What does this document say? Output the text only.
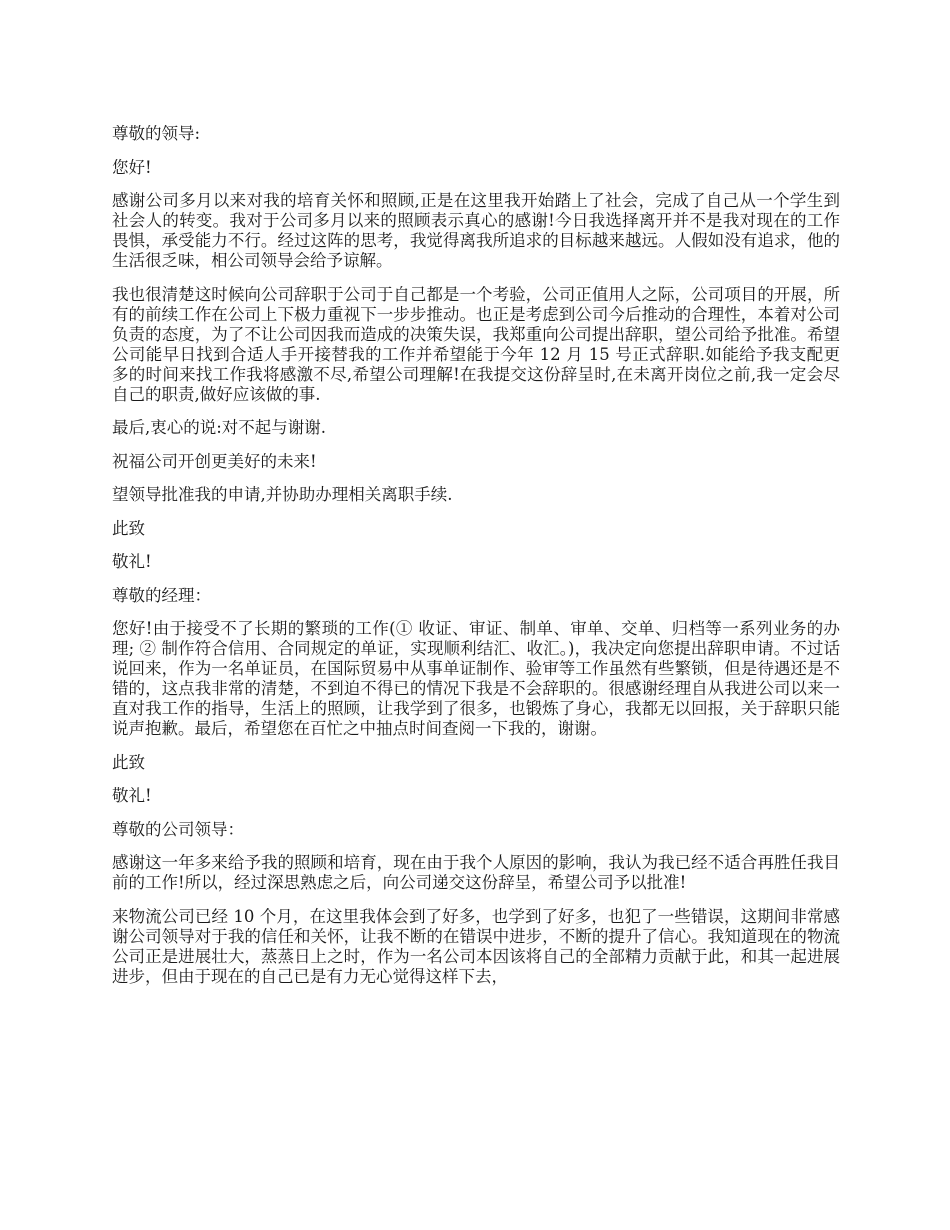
尊敬的领导:

您好!

感谢公司多月以来对我的培育关怀和照顾,正是在这里我开始踏上了社会，完成了自己从一个学生到社会人的转变。我对于公司多月以来的照顾表示真心的感谢!今日我选择离开并不是我对现在的工作畏惧，承受能力不行。经过这阵的思考，我觉得离我所追求的目标越来越远。人假如没有追求，他的生活很乏味，相公司领导会给予谅解。

我也很清楚这时候向公司辞职于公司于自己都是一个考验，公司正值用人之际，公司项目的开展，所有的前续工作在公司上下极力重视下一步步推动。也正是考虑到公司今后推动的合理性，本着对公司负责的态度，为了不让公司因我而造成的决策失误，我郑重向公司提出辞职，望公司给予批准。希望公司能早日找到合适人手开接替我的工作并希望能于今年 12 月 15 号正式辞职.如能给予我支配更多的时间来找工作我将感激不尽,希望公司理解!在我提交这份辞呈时,在未离开岗位之前,我一定会尽自己的职责,做好应该做的事.

最后,衷心的说:对不起与谢谢.

祝福公司开创更美好的未来!

望领导批准我的申请,并协助办理相关离职手续.

此致

敬礼!

尊敬的经理：

您好!由于接受不了长期的繁琐的工作(① 收证、审证、制单、审单、交单、归档等一系列业务的办理; ② 制作符合信用、合同规定的单证，实现顺利结汇、收汇。)，我决定向您提出辞职申请。不过话说回来，作为一名单证员，在国际贸易中从事单证制作、验审等工作虽然有些繁锁，但是待遇还是不错的，这点我非常的清楚，不到迫不得已的情况下我是不会辞职的。很感谢经理自从我进公司以来一直对我工作的指导，生活上的照顾，让我学到了很多，也锻炼了身心，我都无以回报，关于辞职只能说声抱歉。最后，希望您在百忙之中抽点时间查阅一下我的，谢谢。

此致

敬礼!

尊敬的公司领导：

感谢这一年多来给予我的照顾和培育，现在由于我个人原因的影响，我认为我已经不适合再胜任我目前的工作!所以，经过深思熟虑之后，向公司递交这份辞呈，希望公司予以批准!

来物流公司已经 10 个月，在这里我体会到了好多，也学到了好多，也犯了一些错误，这期间非常感谢公司领导对于我的信任和关怀，让我不断的在错误中进步，不断的提升了信心。我知道现在的物流公司正是进展壮大，蒸蒸日上之时，作为一名公司本因该将自己的全部精力贡献于此，和其一起进展进步，但由于现在的自己已是有力无心觉得这样下去，
